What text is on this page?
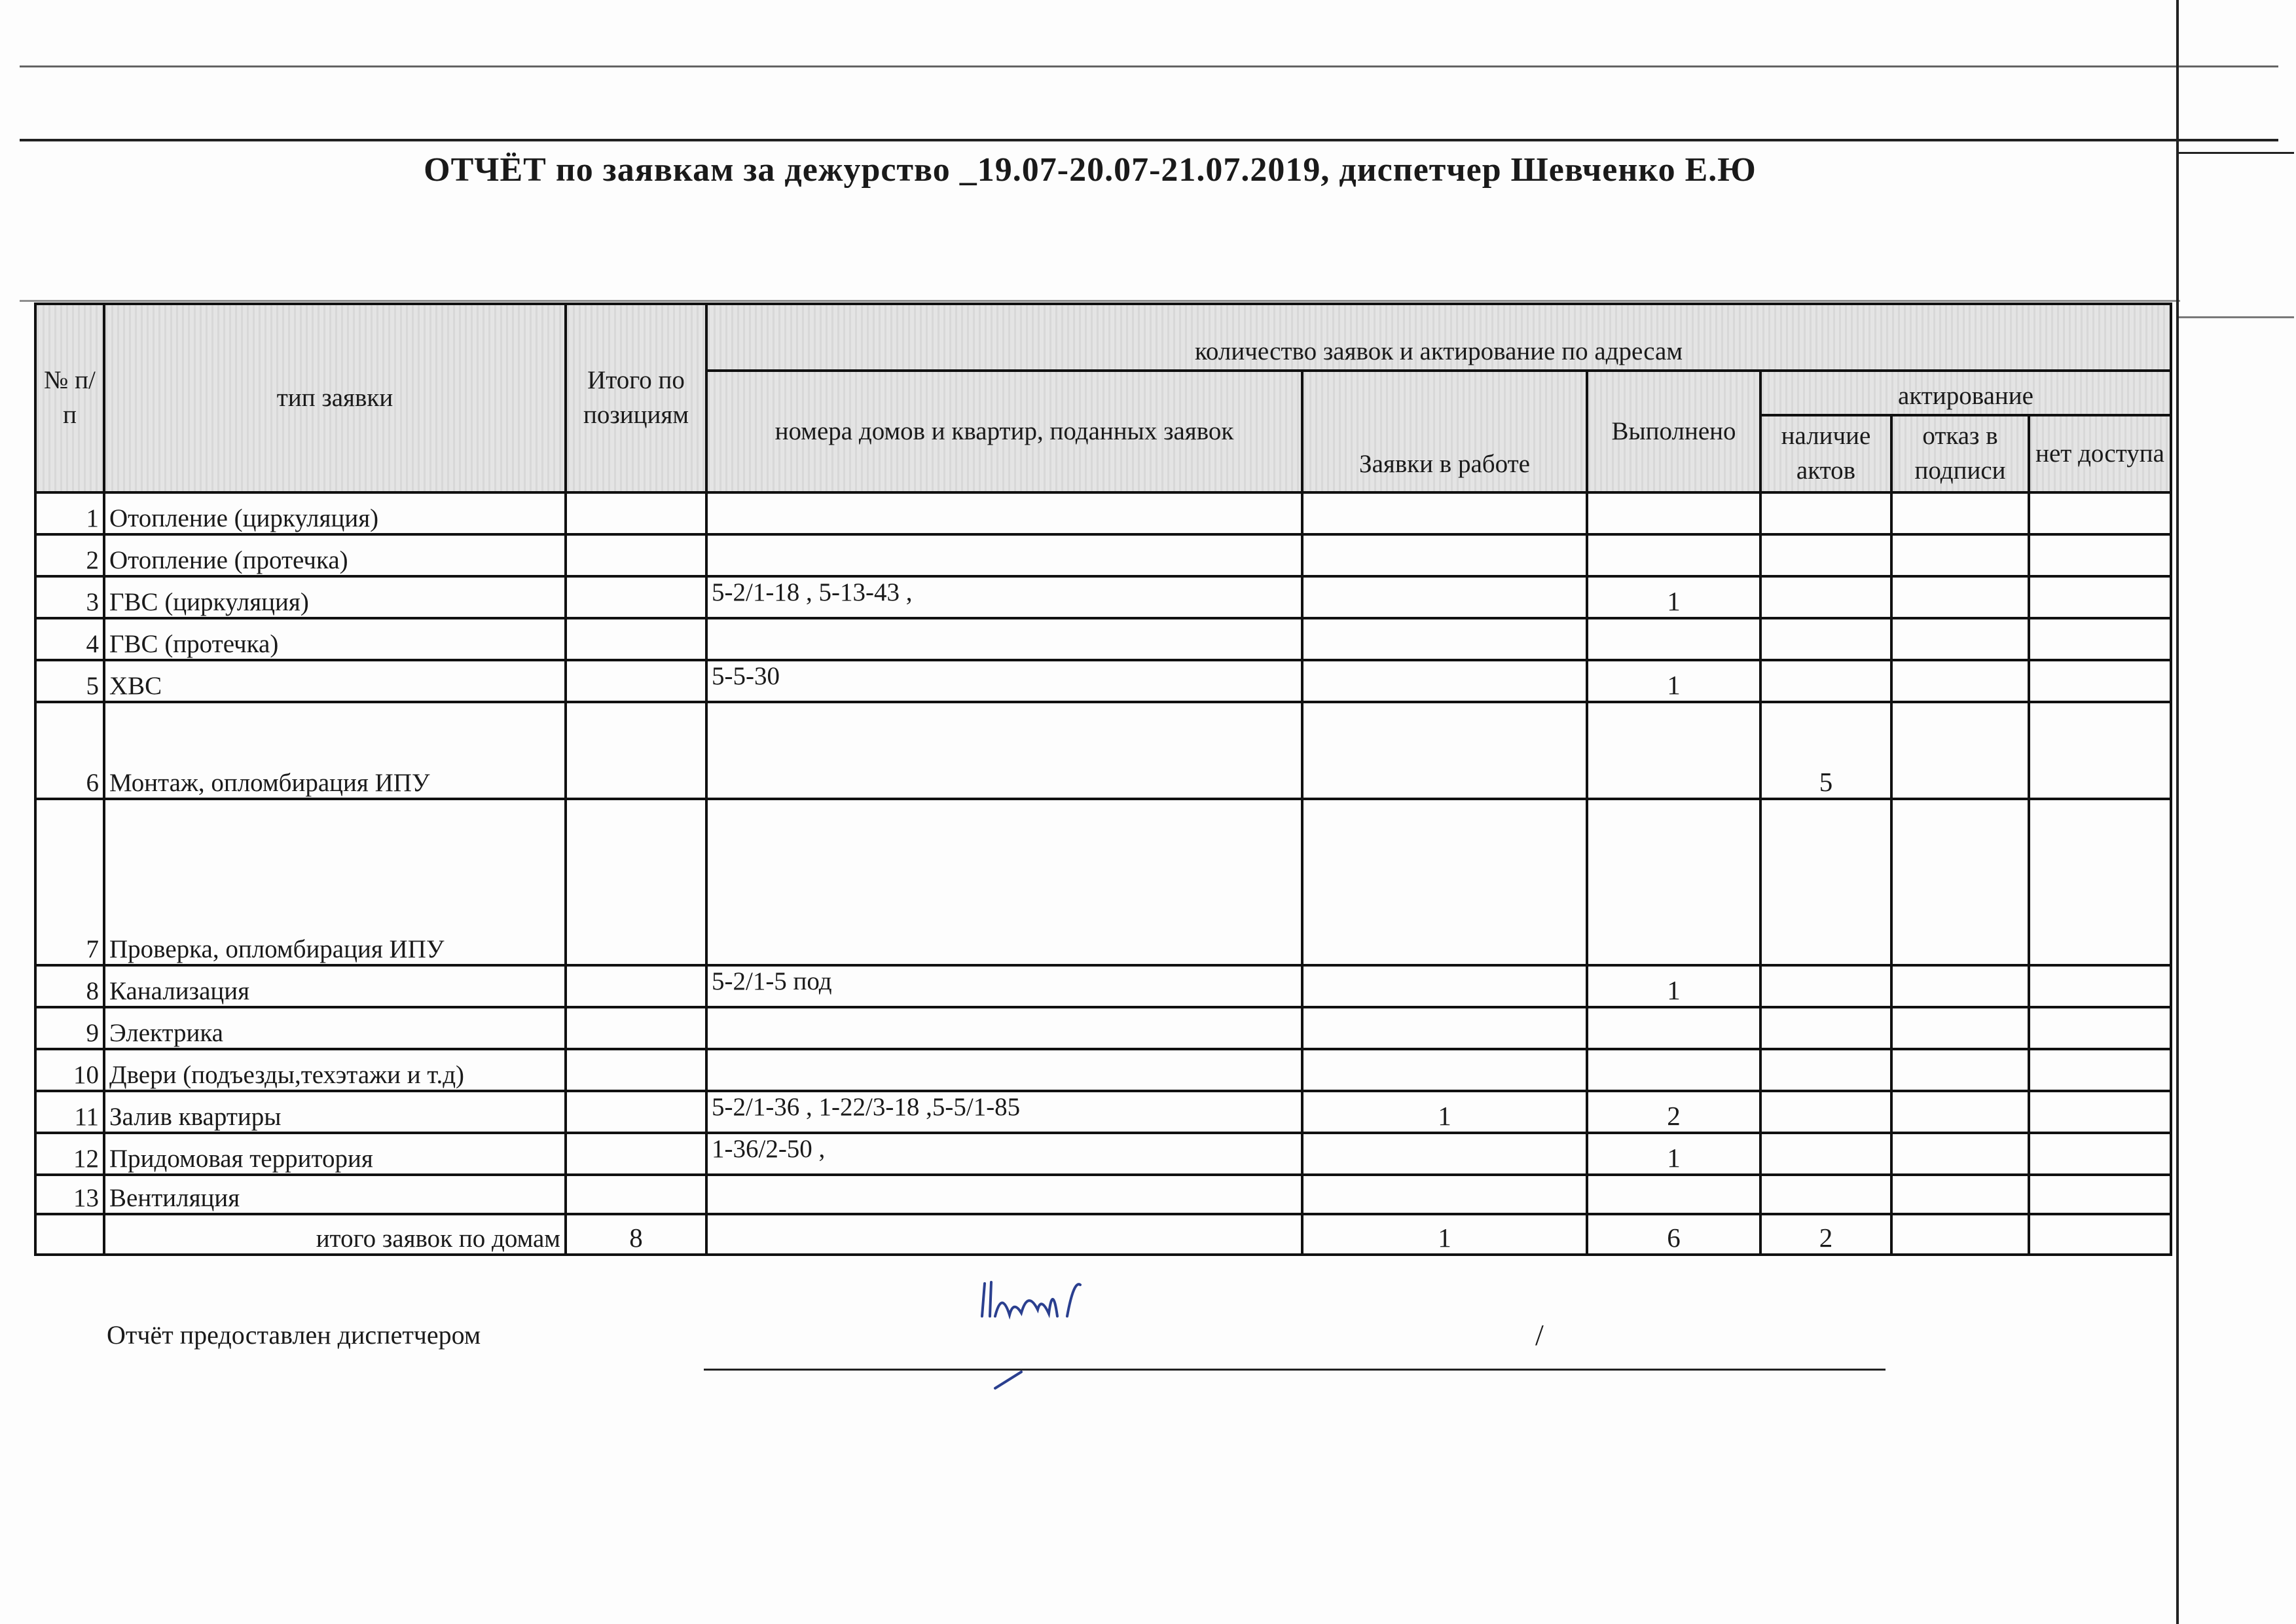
ОТЧЁТ по заявкам за дежурство _19.07-20.07-21.07.2019, диспетчер Шевченко Е.Ю
№ п/п	тип заявки	Итого по позициям	количество заявок и актирование по адресам					
			номера домов и квартир, поданных заявок	Заявки в работе	Выполнено	актирование		
						наличие актов	отказ в подписи	нет доступа
1	Отопление (циркуляция)							
2	Отопление (протечка)							
3	ГВС (циркуляция)		5-2/1-18 , 5-13-43 ,		1			
4	ГВС (протечка)							
5	ХВС		5-5-30		1			
6	Монтаж, опломбирация ИПУ					5		
7	Проверка, опломбирация ИПУ							
8	Канализация		5-2/1-5 под		1			
9	Электрика							
10	Двери (подъезды,техэтажи и т.д)							
11	Залив квартиры		5-2/1-36 , 1-22/3-18 ,5-5/1-85	1	2			
12	Придомовая территория		1-36/2-50 ,		1			
13	Вентиляция							
	итого заявок по домам	8		1	6	2		
Отчёт предоставлен диспетчером	/
